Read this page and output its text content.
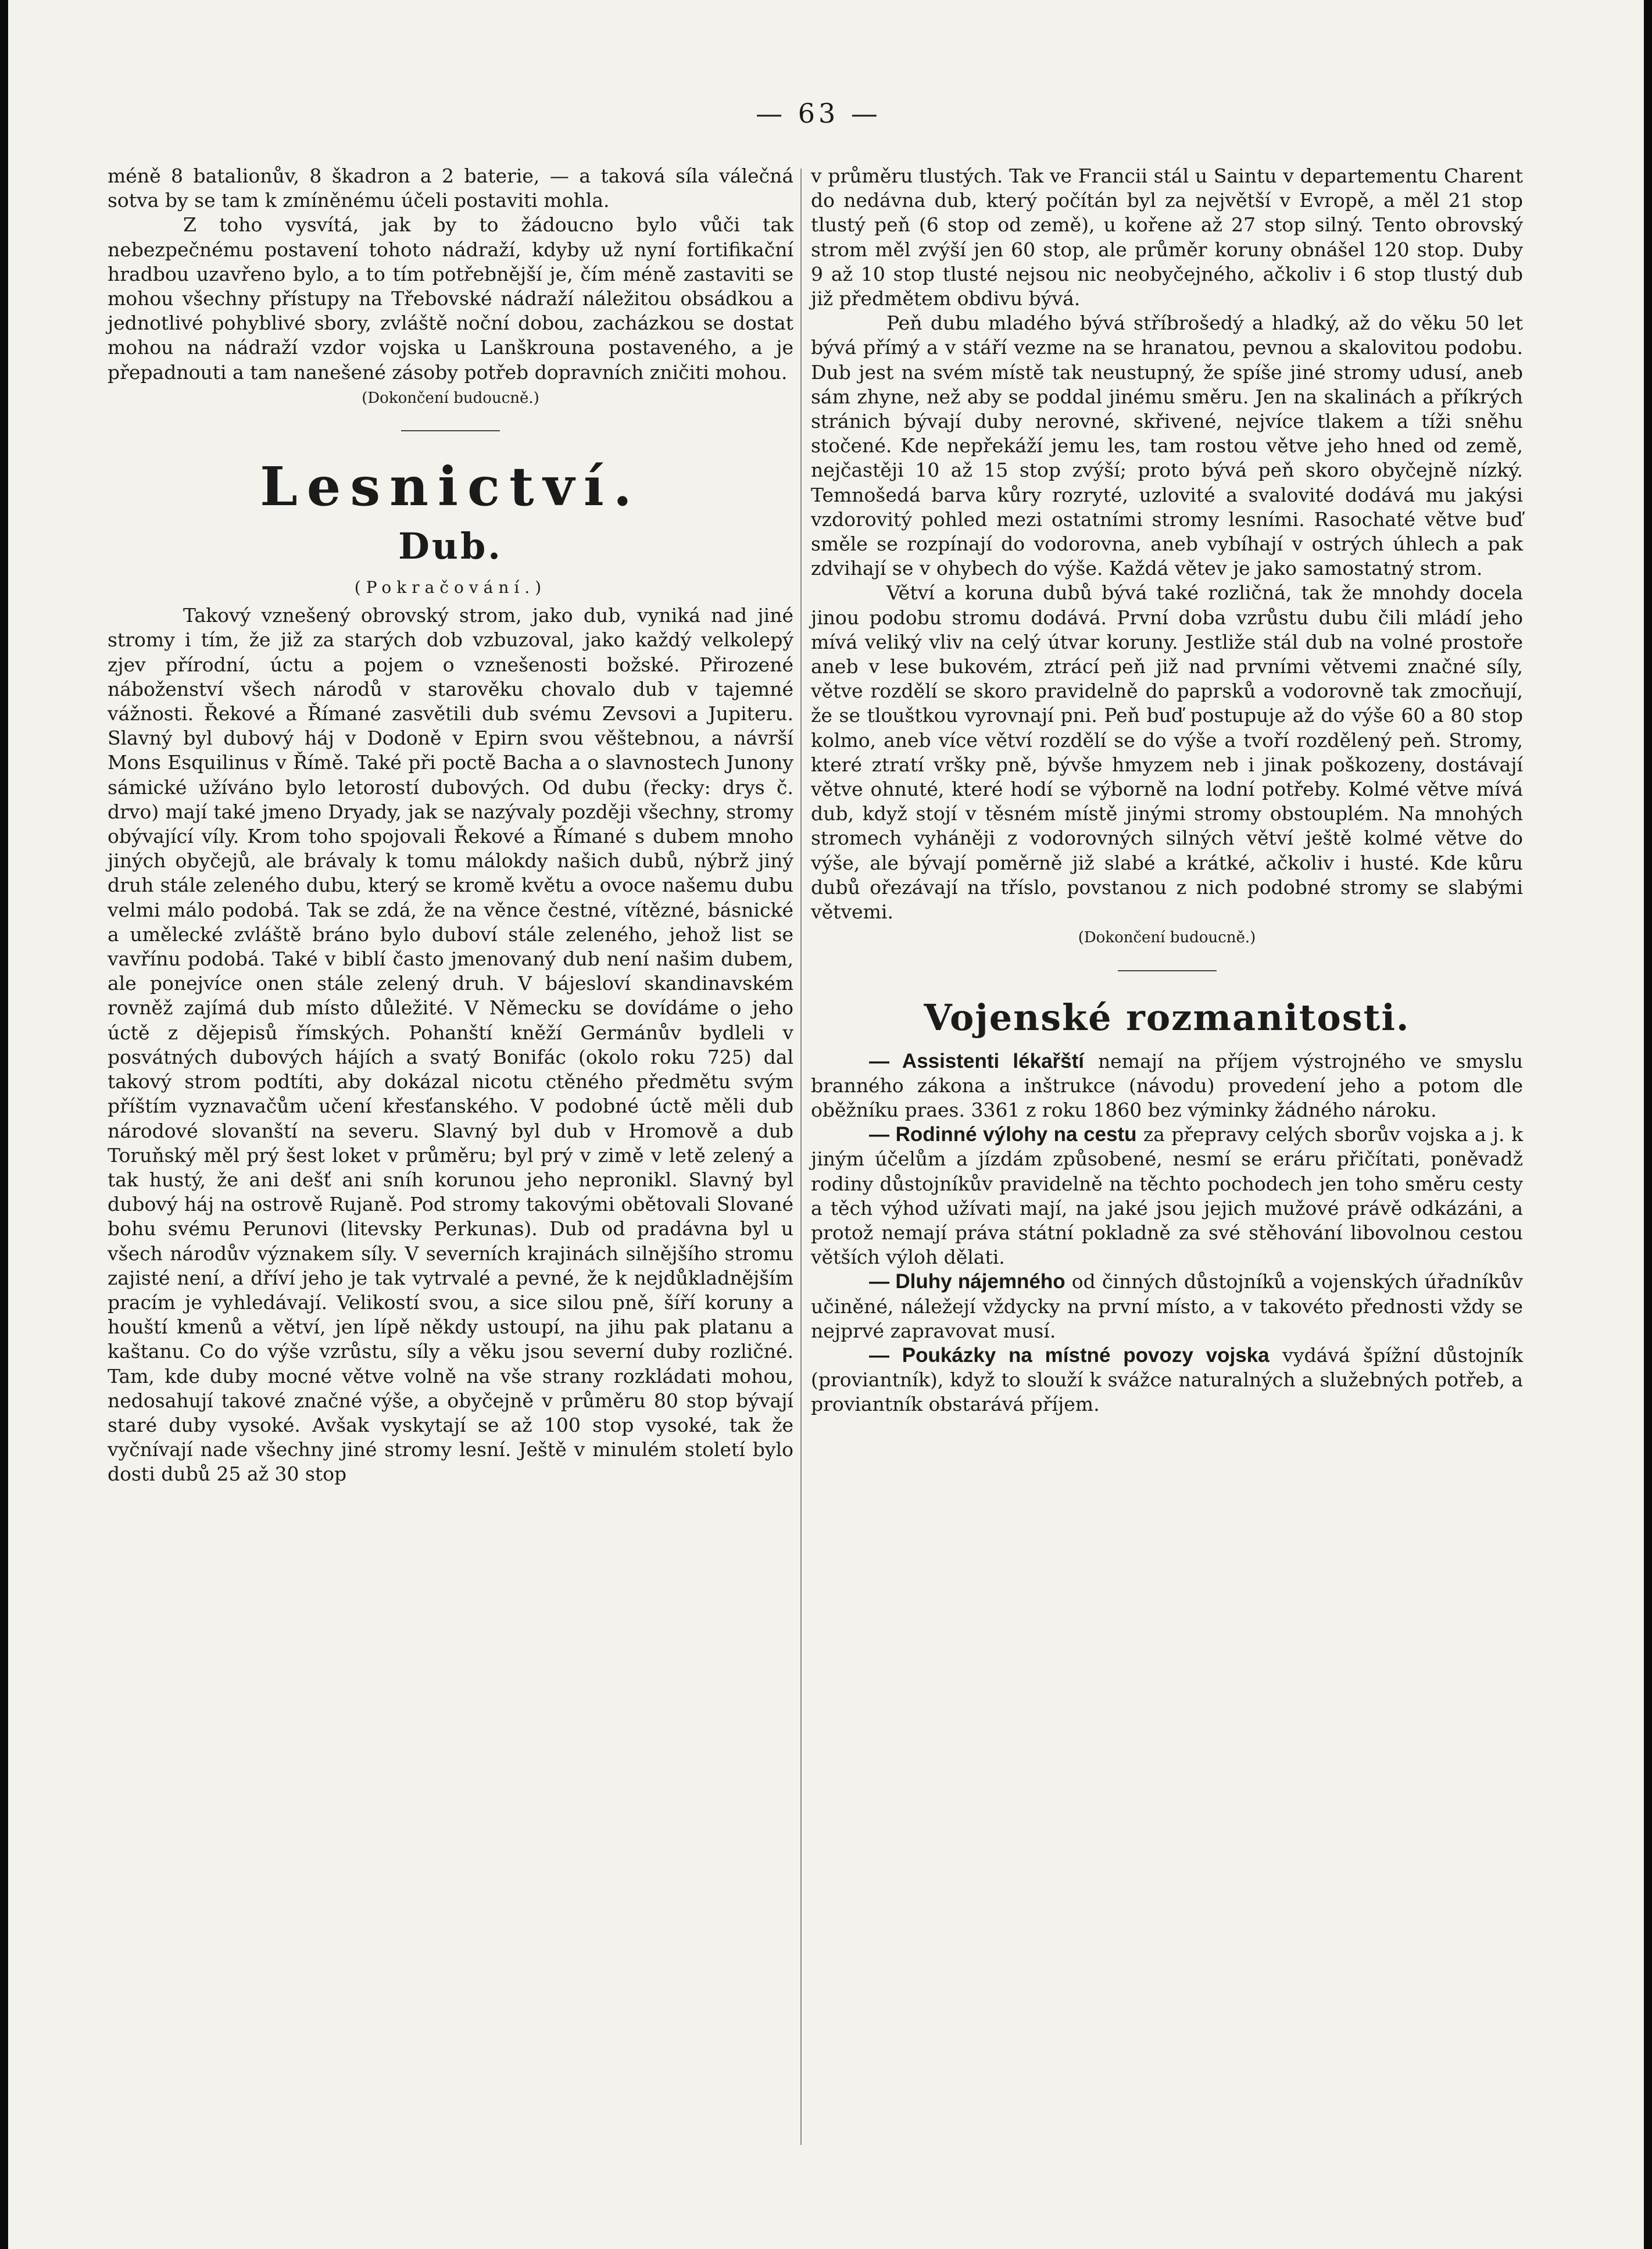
— 63 —

méně 8 batalionův, 8 škadron a 2 baterie, — a taková síla válečná sotva by se tam k zmíněnému účeli postaviti mohla.

Z toho vysvítá, jak by to žádoucno bylo vůči tak nebezpečnému postavení tohoto nádraží, kdyby už nyní fortifikační hradbou uzavřeno bylo, a to tím potřebnější je, čím méně zastaviti se mohou všechny přístupy na Třebovské nádraží náležitou obsádkou a jednotlivé pohyblivé sbory, zvláště noční dobou, zacházkou se dostat mohou na nádraží vzdor vojska u Lanškrouna postaveného, a je přepadnouti a tam nanešené zásoby potřeb dopravních zničiti mohou.

(Dokončení budoucně.)

Lesnictví.
Dub.
(Pokračování.)

Takový vznešený obrovský strom, jako dub, vyniká nad jiné stromy i tím, že již za starých dob vzbuzoval, jako každý velkolepý zjev přírodní, úctu a pojem o vznešenosti božské. Přirozené náboženství všech národů v starověku chovalo dub v tajemné vážnosti. Řekové a Římané zasvětili dub svému Zevsovi a Jupiteru. Slavný byl dubový háj v Dodoně v Epirn svou věštebnou, a návrší Mons Esquilinus v Římě. Také při poctě Bacha a o slavnostech Junony sámické užíváno bylo letorostí dubových. Od dubu (řecky: drys č. drvo) mají také jmeno Dryady, jak se nazývaly později všechny, stromy obývající víly. Krom toho spojovali Řekové a Římané s dubem mnoho jiných obyčejů, ale brávaly k tomu málokdy našich dubů, nýbrž jiný druh stále zeleného dubu, který se kromě květu a ovoce našemu dubu velmi málo podobá. Tak se zdá, že na věnce čestné, vítězné, básnické a umělecké zvláště bráno bylo duboví stále zeleného, jehož list se vavřínu podobá. Také v biblí často jmenovaný dub není našim dubem, ale ponejvíce onen stále zelený druh. V bájesloví skandinavském rovněž zajímá dub místo důležité. V Německu se dovídáme o jeho úctě z dějepisů římských. Pohanští kněží Germánův bydleli v posvátných dubových hájích a svatý Bonifác (okolo roku 725) dal takový strom podtíti, aby dokázal nicotu ctěného předmětu svým příštím vyznavačům učení křesťanského. V podobné úctě měli dub národové slovanští na severu. Slavný byl dub v Hromově a dub Toruňský měl prý šest loket v průměru; byl prý v zimě v letě zelený a tak hustý, že ani dešť ani sníh korunou jeho nepronikl. Slavný byl dubový háj na ostrově Rujaně. Pod stromy takovými obětovali Slované bohu svému Perunovi (litevsky Perkunas). Dub od pradávna byl u všech národův význakem síly. V severních krajinách silnějšího stromu zajisté není, a dříví jeho je tak vytrvalé a pevné, že k nejdůkladnějším pracím je vyhledávají. Velikostí svou, a sice silou pně, šíří koruny a houští kmenů a větví, jen lípě někdy ustoupí, na jihu pak platanu a kaštanu. Co do výše vzrůstu, síly a věku jsou severní duby rozličné. Tam, kde duby mocné větve volně na vše strany rozkládati mohou, nedosahují takové značné výše, a obyčejně v průměru 80 stop bývají staré duby vysoké. Avšak vyskytají se až 100 stop vysoké, tak že vyčnívají nade všechny jiné stromy lesní. Ještě v minulém století bylo dosti dubů 25 až 30 stop

v průměru tlustých. Tak ve Francii stál u Saintu v departementu Charent do nedávna dub, který počítán byl za největší v Evropě, a měl 21 stop tlustý peň (6 stop od země), u kořene až 27 stop silný. Tento obrovský strom měl zvýší jen 60 stop, ale průměr koruny obnášel 120 stop. Duby 9 až 10 stop tlusté nejsou nic neobyčejného, ačkoliv i 6 stop tlustý dub již předmětem obdivu bývá.

Peň dubu mladého bývá stříbrošedý a hladký, až do věku 50 let bývá přímý a v stáří vezme na se hranatou, pevnou a skalovitou podobu. Dub jest na svém místě tak neustupný, že spíše jiné stromy udusí, aneb sám zhyne, než aby se poddal jinému směru. Jen na skalinách a příkrých stránich bývají duby nerovné, skřivené, nejvíce tlakem a tíži sněhu stočené. Kde nepřekáží jemu les, tam rostou větve jeho hned od země, nejčastěji 10 až 15 stop zvýší; proto bývá peň skoro obyčejně nízký. Temnošedá barva kůry rozryté, uzlovité a svalovité dodává mu jakýsi vzdorovitý pohled mezi ostatními stromy lesními. Rasochaté větve buď směle se rozpínají do vodorovna, aneb vybíhají v ostrých úhlech a pak zdvihají se v ohybech do výše. Každá větev je jako samostatný strom.

Větví a koruna dubů bývá také rozličná, tak že mnohdy docela jinou podobu stromu dodává. První doba vzrůstu dubu čili mládí jeho mívá veliký vliv na celý útvar koruny. Jestliže stál dub na volné prostoře aneb v lese bukovém, ztrácí peň již nad prvními větvemi značné síly, větve rozdělí se skoro pravidelně do paprsků a vodorovně tak zmocňují, že se tlouštkou vyrovnají pni. Peň buď postupuje až do výše 60 a 80 stop kolmo, aneb více větví rozdělí se do výše a tvoří rozdělený peň. Stromy, které ztratí vršky pně, bývše hmyzem neb i jinak poškozeny, dostávají větve ohnuté, které hodí se výborně na lodní potřeby. Kolmé větve mívá dub, když stojí v těsném místě jinými stromy obstouplém. Na mnohých stromech vyháněji z vodorovných silných větví ještě kolmé větve do výše, ale bývají poměrně již slabé a krátké, ačkoliv i husté. Kde kůru dubů ořezávají na tříslo, povstanou z nich podobné stromy se slabými větvemi.

(Dokončení budoucně.)

Vojenské rozmanitosti.

— Assistenti lékařští nemají na příjem výstrojného ve smyslu branného zákona a inštrukce (návodu) provedení jeho a potom dle oběžníku praes. 3361 z roku 1860 bez výminky žádného nároku.

— Rodinné výlohy na cestu za přepravy celých sborův vojska a j. k jiným účelům a jízdám způsobené, nesmí se eráru přičítati, poněvadž rodiny důstojníkův pravidelně na těchto pochodech jen toho směru cesty a těch výhod užívati mají, na jaké jsou jejich mužové právě odkázáni, a protož nemají práva státní pokladně za své stěhování libovolnou cestou větších výloh dělati.

— Dluhy nájemného od činných důstojníků a vojenských úřadníkův učiněné, náležejí vždycky na první místo, a v takovéto přednosti vždy se nejprvé zapravovat musí.

— Poukázky na místné povozy vojska vydává špížní důstojník (proviantník), když to slouží k svážce naturalných a služebných potřeb, a proviantník obstarává příjem.
